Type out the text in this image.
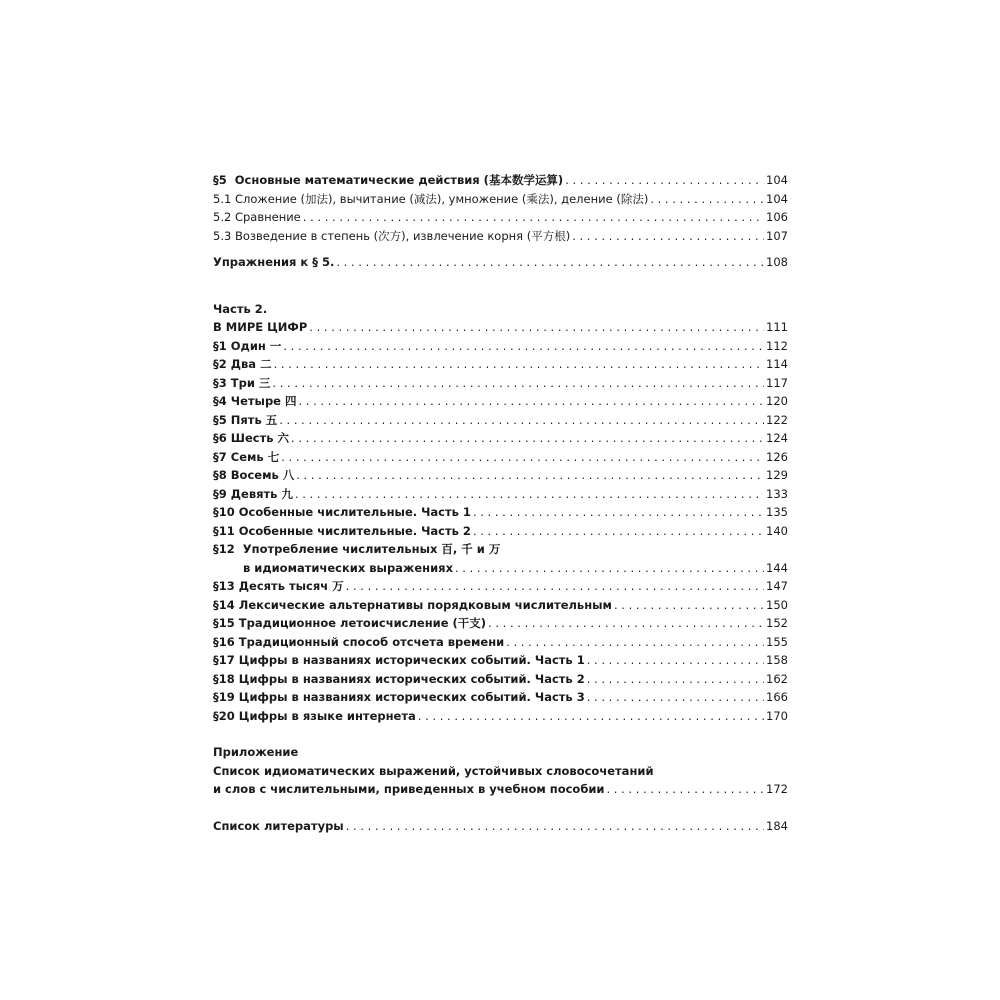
§5 Основные математические действия (基本数学运算) . . .	104
5.1 Сложение (加法), вычитание (减法), умножение (乘法), деление (除法) . . .	104
5.2 Сравнение . . .	106
5.3 Возведение в степень (次方), извлечение корня (平方根) . . .	107
Упражнения к § 5. . . .	108
Часть 2.
В МИРЕ ЦИФР . . .	111
§1 Один 一 . . .	112
§2 Два 二 . . .	114
§3 Три 三 . . .	117
§4 Четыре 四 . . .	120
§5 Пять 五 . . .	122
§6 Шесть 六 . . .	124
§7 Семь 七 . . .	126
§8 Восемь 八 . . .	129
§9 Девять 九 . . .	133
§10 Особенные числительные. Часть 1 . . .	135
§11 Особенные числительные. Часть 2 . . .	140
§12 Употребление числительных 百, 千 и 万
в идиоматических выражениях . . .	144
§13 Десять тысяч 万 . . .	147
§14 Лексические альтернативы порядковым числительным . . .	150
§15 Традиционное летоисчисление (干支) . . .	152
§16 Традиционный способ отсчета времени . . .	155
§17 Цифры в названиях исторических событий. Часть 1 . . .	158
§18 Цифры в названиях исторических событий. Часть 2 . . .	162
§19 Цифры в названиях исторических событий. Часть 3 . . .	166
§20 Цифры в языке интернета . . .	170
Приложение
Список идиоматических выражений, устойчивых словосочетаний
и слов с числительными, приведенных в учебном пособии . . .	172
Список литературы . . .	184
